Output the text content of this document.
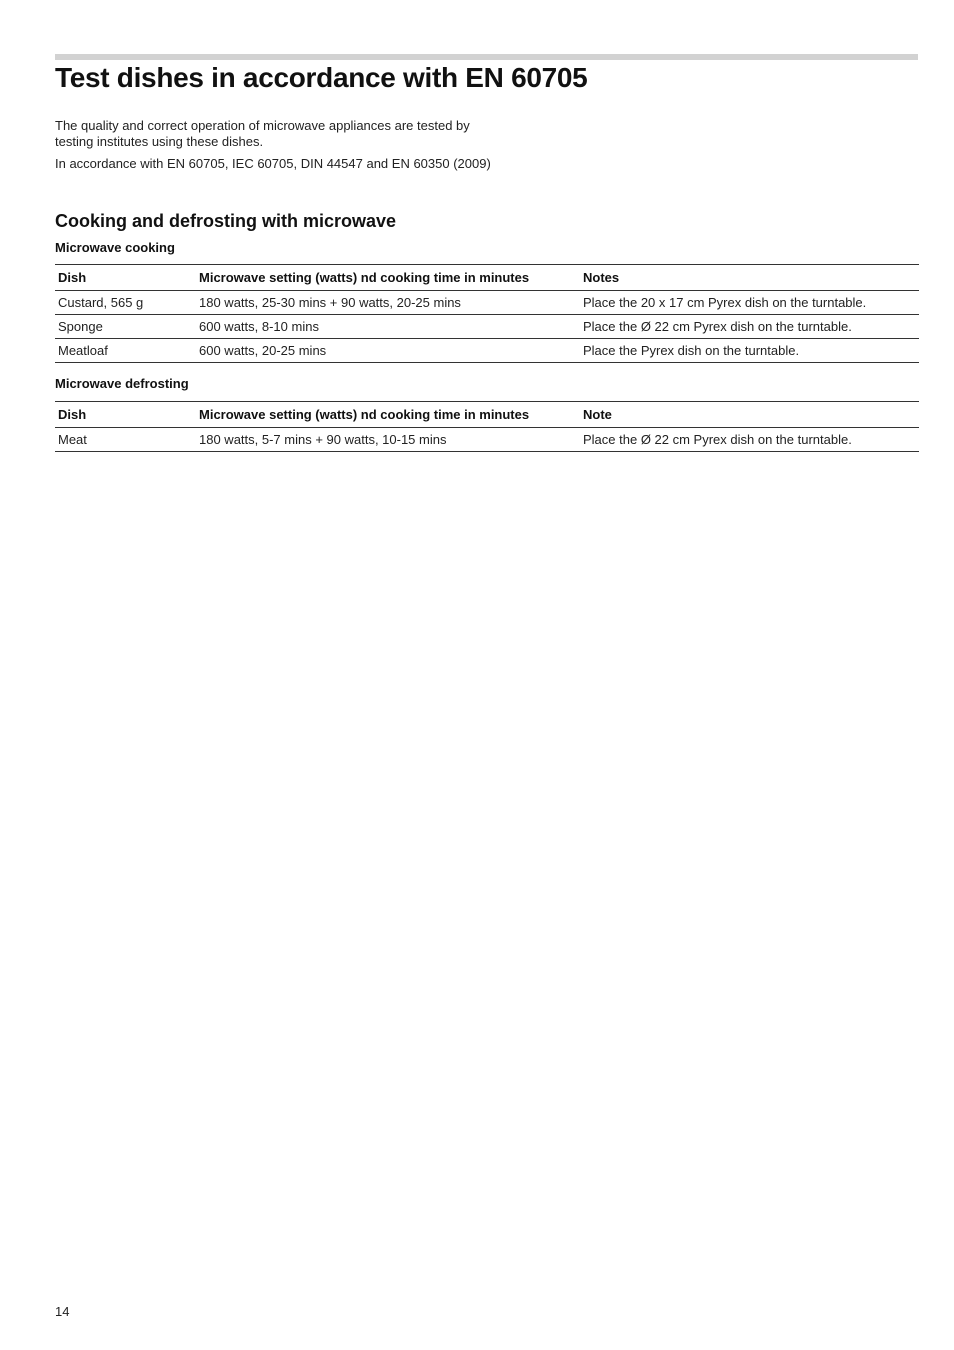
Test dishes in accordance with EN 60705

The quality and correct operation of microwave appliances are tested by testing institutes using these dishes.

In accordance with EN 60705, IEC 60705, DIN 44547 and EN 60350 (2009)

Cooking and defrosting with microwave
Microwave cooking
Dish	Microwave setting (watts) nd cooking time in minutes	Notes
Custard, 565 g	180 watts, 25-30 mins + 90 watts, 20-25 mins	Place the 20 x 17 cm Pyrex dish on the turntable.
Sponge	600 watts, 8-10 mins	Place the Ø 22 cm Pyrex dish on the turntable.
Meatloaf	600 watts, 20-25 mins	Place the Pyrex dish on the turntable.
Microwave defrosting
Dish	Microwave setting (watts) nd cooking time in minutes	Note
Meat	180 watts, 5-7 mins + 90 watts, 10-15 mins	Place the Ø 22 cm Pyrex dish on the turntable.
14
